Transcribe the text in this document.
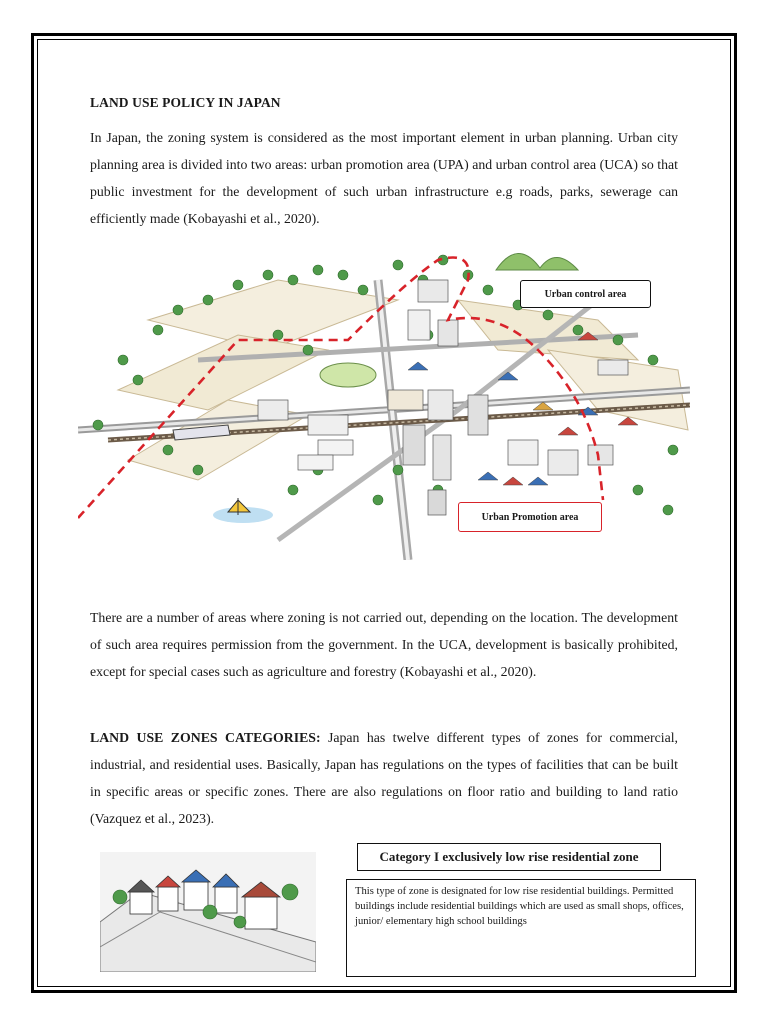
LAND USE POLICY IN JAPAN

In Japan, the zoning system is considered as the most important element in urban planning. Urban city planning area is divided into two areas: urban promotion area (UPA) and urban control area (UCA) so that public investment for the development of such urban infrastructure e.g roads, parks, sewerage can efficiently made (Kobayashi et al., 2020).

Urban control area
Urban Promotion area

There are a number of areas where zoning is not carried out, depending on the location. The development of such area requires permission from the government. In the UCA, development is basically prohibited, except for special cases such as agriculture and forestry (Kobayashi et al., 2020).

LAND USE ZONES CATEGORIES: Japan has twelve different types of zones for commercial, industrial, and residential uses. Basically, Japan has regulations on the types of facilities that can be built in specific areas or specific zones. There are also regulations on floor ratio and building to land ratio (Vazquez et al., 2023).

Category I exclusively low rise residential zone

This type of zone is designated for low rise residential buildings. Permitted buildings include residential buildings which are used as small shops, offices, junior/ elementary high school buildings
